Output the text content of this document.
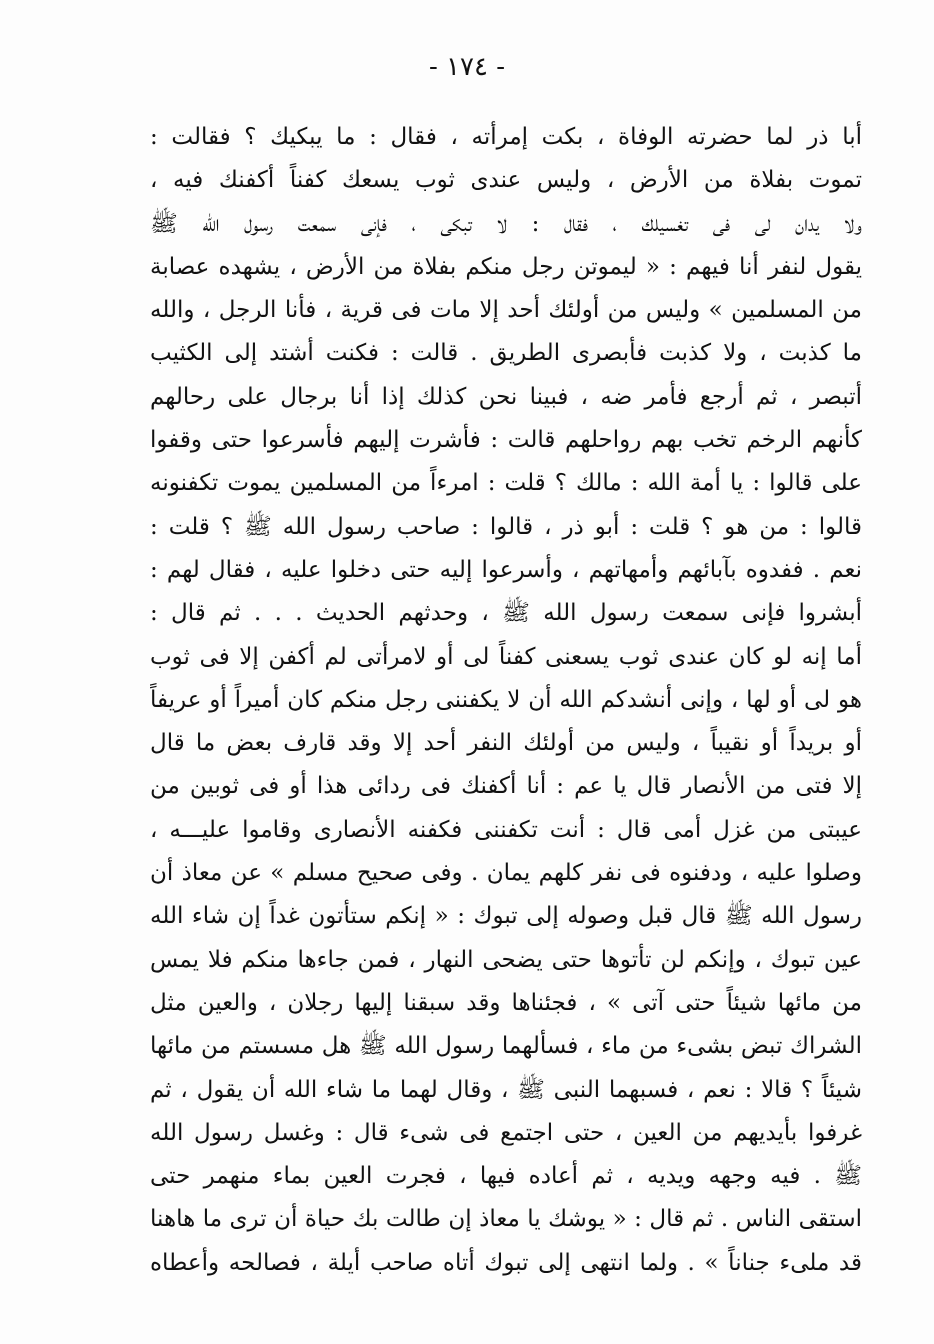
- ١٧٤ -
أبا ذر لما حضرته الوفاة ، بكت إمرأته ، فقال : ما يبكيك ؟ فقالت :
تموت بفلاة من الأرض ، وليس عندى ثوب يسعك كفناً أكفنك فيه ،
ولا يدان لى فى تغسيلك ، فقال : لا تبكى ، فإنى سمعت رسول الله ﷺ
يقول لنفر أنا فيهم : « ليموتن رجل منكم بفلاة من الأرض ، يشهده عصابة
من المسلمين » وليس من أولئك أحد إلا مات فى قرية ، فأنا الرجل ، والله
ما كذبت ، ولا كذبت فأبصرى الطريق . قالت : فكنت أشتد إلى الكثيب
أتبصر ، ثم أرجع فأمر ضه ، فبينا نحن كذلك إذا أنا برجال على رحالهم
كأنهم الرخم تخب بهم رواحلهم قالت : فأشرت إليهم فأسرعوا حتى وقفوا
على قالوا : يا أمة الله : مالك ؟ قلت : امرءاً من المسلمين يموت تكفنونه
قالوا : من هو ؟ قلت : أبو ذر ، قالوا : صاحب رسول الله ﷺ ؟ قلت :
نعم . ففدوه بآبائهم وأمهاتهم ، وأسرعوا إليه حتى دخلوا عليه ، فقال لهم :
أبشروا فإنى سمعت رسول الله ﷺ ، وحدثهم الحديث . . . ثم قال :
أما إنه لو كان عندى ثوب يسعنى كفناً لى أو لامرأتى لم أكفن إلا فى ثوب
هو لى أو لها ، وإنى أنشدكم الله أن لا يكفننى رجل منكم كان أميراً أو عريفاً
أو بريداً أو نقيباً ، وليس من أولئك النفر أحد إلا وقد قارف بعض ما قال
إلا فتى من الأنصار قال يا عم : أنا أكفنك فى ردائى هذا أو فى ثوبين من
عيبتى من غزل أمى قال : أنت تكفننى فكفنه الأنصارى وقاموا عليـــه ،
وصلوا عليه ، ودفنوه فى نفر كلهم يمان . وفى صحيح مسلم » عن معاذ أن
رسول الله ﷺ قال قبل وصوله إلى تبوك : « إنكم ستأتون غداً إن شاء الله
عين تبوك ، وإنكم لن تأتوها حتى يضحى النهار ، فمن جاءها منكم فلا يمس
من مائها شيئاً حتى آتى » ، فجئناها وقد سبقنا إليها رجلان ، والعين مثل
الشراك تبض بشىء من ماء ، فسألهما رسول الله ﷺ هل مسستم من مائها
شيئاً ؟ قالا : نعم ، فسبهما النبى ﷺ ، وقال لهما ما شاء الله أن يقول ، ثم
غرفوا بأيديهم من العين ، حتى اجتمع فى شىء قال : وغسل رسول الله
ﷺ . فيه وجهه ويديه ، ثم أعاده فيها ، فجرت العين بماء منهمر حتى
استقى الناس . ثم قال : « يوشك يا معاذ إن طالت بك حياة أن ترى ما هاهنا
قد ملىء جناناً » . ولما انتهى إلى تبوك أتاه صاحب أيلة ، فصالحه وأعطاه
